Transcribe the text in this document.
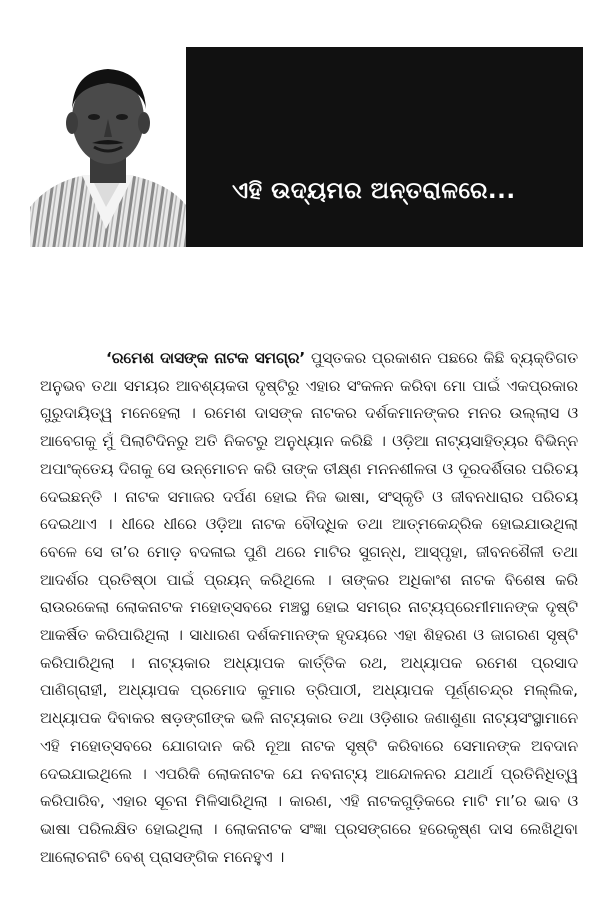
ଏହି ଉଦ୍ୟମର ଅନ୍ତରାଳରେ...

‘ରମେଶ ଦାସଙ୍କ ନାଟକ ସମଗ୍ର’ ପୁସ୍ତକର ପ୍ରକାଶନ ପଛରେ କିଛି ବ୍ୟକ୍ତିଗତ ଅନୁଭବ ତଥା ସମୟର ଆବଶ୍ୟକତା ଦୃଷ୍ଟିରୁ ଏହାର ସଂକଳନ କରିବା ମୋ ପାଇଁ ଏକପ୍ରକାର ଗୁରୁଦାୟିତ୍ୱ ମନେହେଲା । ରମେଶ ଦାସଙ୍କ ନାଟକର ଦର୍ଶକମାନଙ୍କର ମନର ଉଲ୍ଲାସ ଓ ଆବେଗକୁ ମୁଁ ପିଲାଟିଦିନରୁ ଅତି ନିକଟରୁ ଅନୁଧ୍ୟାନ କରିଛି । ଓଡ଼ିଆ ନାଟ୍ୟସାହିତ୍ୟର ବିଭିନ୍ନ ଅପାଂକ୍ତେୟ ଦିଗକୁ ସେ ଉନ୍ମୋଚନ କରି ତାଙ୍କ ତୀକ୍ଷ୍ଣ ମନନଶୀଳତା ଓ ଦୂରଦର୍ଶିତାର ପରିଚୟ ଦେଇଛନ୍ତି । ନାଟକ ସମାଜର ଦର୍ପଣ ହୋଇ ନିଜ ଭାଷା, ସଂସ୍କୃତି ଓ ଜୀବନଧାରାର ପରିଚୟ ଦେଇଥାଏ । ଧୀରେ ଧୀରେ ଓଡ଼ିଆ ନାଟକ ବୌଦ୍ଧିକ ତଥା ଆତ୍ମକେନ୍ଦ୍ରିକ ହୋଇଯାଉଥିଲା ବେଳେ ସେ ତା’ର ମୋଡ଼ ବଦଳାଇ ପୁଣି ଥରେ ମାଟିର ସୁଗନ୍ଧ, ଆସ୍ପୃହା, ଜୀବନଶୈଳୀ ତଥା ଆଦର୍ଶର ପ୍ରତିଷ୍ଠା ପାଇଁ ପ୍ରୟନ୍ କରିଥିଲେ । ତାଙ୍କର ଅଧିକାଂଶ ନାଟକ ବିଶେଷ କରି ରାଉରକେଲା ଲୋକନାଟକ ମହୋତ୍ସବରେ ମଞ୍ଚସ୍ଥ ହୋଇ ସମଗ୍ର ନାଟ୍ୟପ୍ରେମୀମାନଙ୍କ ଦୃଷ୍ଟି ଆକର୍ଷିତ କରିପାରିଥିଲା । ସାଧାରଣ ଦର୍ଶକମାନଙ୍କ ହୃଦୟରେ ଏହା ଶିହରଣ ଓ ଜାଗରଣ ସୃଷ୍ଟି କରିପାରିଥିଲା । ନାଟ୍ୟକାର ଅଧ୍ୟାପକ କାର୍ତ୍ତିକ ରଥ, ଅଧ୍ୟାପକ ରମେଶ ପ୍ରସାଦ ପାଣିଗ୍ରାହୀ, ଅଧ୍ୟାପକ ପ୍ରମୋଦ କୁମାର ତ୍ରିପାଠୀ, ଅଧ୍ୟାପକ ପୂର୍ଣ୍ଣଚନ୍ଦ୍ର ମଲ୍ଲିକ, ଅଧ୍ୟାପକ ଦିବାକର ଷଡ଼ଙ୍ଗୀଙ୍କ ଭଳି ନାଟ୍ୟକାର ତଥା ଓଡ଼ିଶାର ଜଣାଶୁଣା ନାଟ୍ୟସଂସ୍ଥାମାନେ ଏହି ମହୋତ୍ସବରେ ଯୋଗଦାନ କରି ନୂଆ ନାଟକ ସୃଷ୍ଟି କରିବାରେ ସେମାନଙ୍କ ଅବଦାନ ଦେଇଯାଇଥିଲେ । ଏପରିକି ଲୋକନାଟକ ଯେ ନବନାଟ୍ୟ ଆନ୍ଦୋଳନର ଯଥାର୍ଥ ପ୍ରତିନିଧିତ୍ୱ କରିପାରିବ, ଏହାର ସୂଚନା ମିଳିସାରିଥିଲା । କାରଣ, ଏହି ନାଟକଗୁଡ଼ିକରେ ମାଟି ମା’ର ଭାବ ଓ ଭାଷା ପରିଲକ୍ଷିତ ହୋଇଥିଲା । ଲୋକନାଟକ ସଂଜ୍ଞା ପ୍ରସଙ୍ଗରେ ହରେକୃଷ୍ଣ ଦାସ ଲେଖିଥିବା ଆଲୋଚନାଟି ବେଶ୍ ପ୍ରାସଙ୍ଗିକ ମନେହୁଏ ।
